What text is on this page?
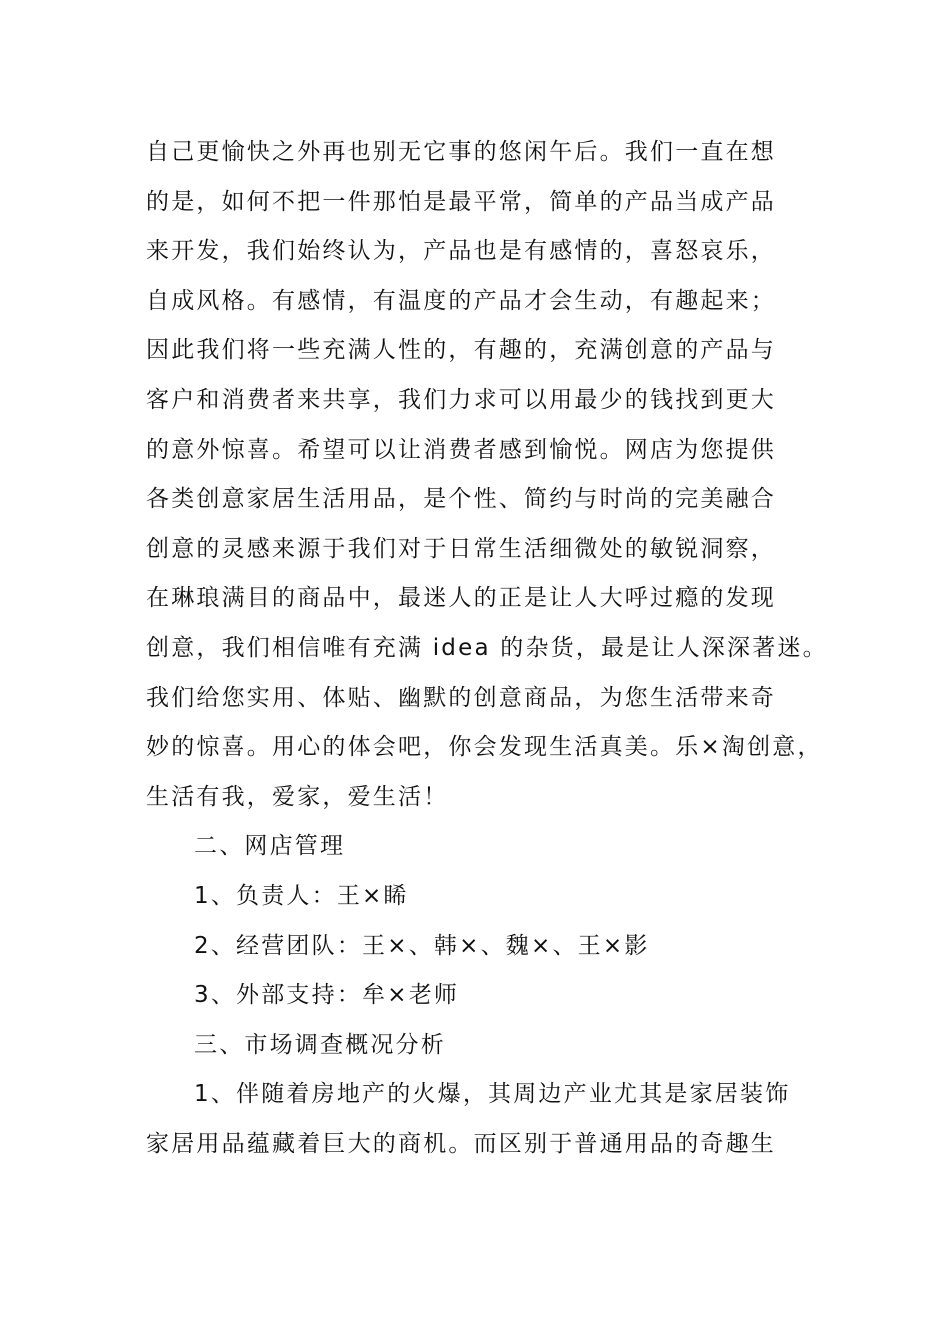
自己更愉快之外再也别无它事的悠闲午后。我们一直在想
的是，如何不把一件那怕是最平常，简单的产品当成产品
来开发，我们始终认为，产品也是有感情的，喜怒哀乐，
自成风格。有感情，有温度的产品才会生动，有趣起来；
因此我们将一些充满人性的，有趣的，充满创意的产品与
客户和消费者来共享，我们力求可以用最少的钱找到更大
的意外惊喜。希望可以让消费者感到愉悦。网店为您提供
各类创意家居生活用品，是个性、简约与时尚的完美融合
创意的灵感来源于我们对于日常生活细微处的敏锐洞察，
在琳琅满目的商品中，最迷人的正是让人大呼过瘾的发现
创意，我们相信唯有充满 idea 的杂货，最是让人深深著迷。
我们给您实用、体贴、幽默的创意商品，为您生活带来奇
妙的惊喜。用心的体会吧，你会发现生活真美。乐×淘创意，
生活有我，爱家，爱生活！
二、网店管理
1、负责人：王×睎
2、经营团队：王×、韩×、魏×、王×影
3、外部支持：牟×老师
三、市场调查概况分析
1、伴随着房地产的火爆，其周边产业尤其是家居装饰
家居用品蕴藏着巨大的商机。而区别于普通用品的奇趣生
